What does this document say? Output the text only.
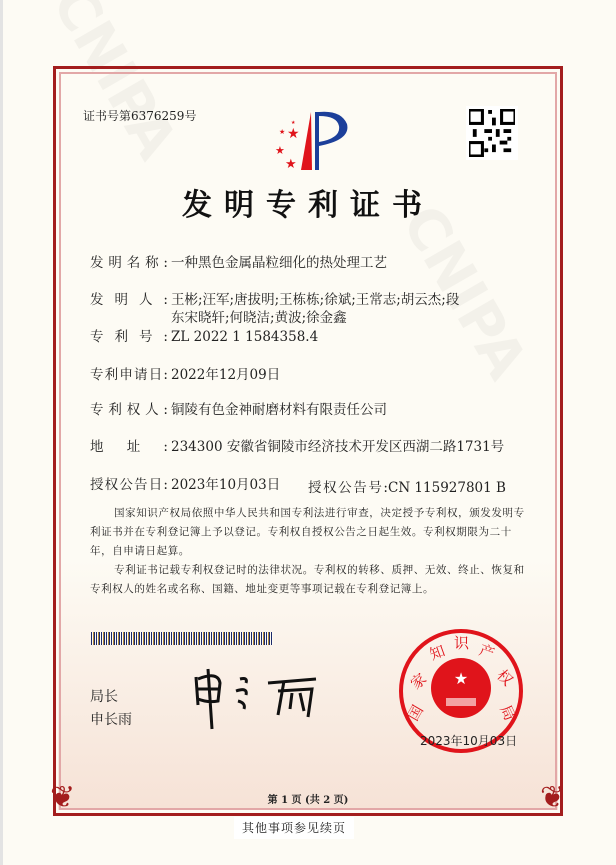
❦	❦
证书号第6376259号
★
★
★
★
★
发明专利证书
发明名称: 一种黑色金属晶粒细化的热处理工艺
发明人: 王彬;汪军;唐拔明;王栋栋;徐斌;王常志;胡云杰;段东宋晓轩;何晓洁;黄波;徐金鑫
专利号: ZL 2022 1 1584358.4
专利申请日: 2022年12月09日
专利权人: 铜陵有色金神耐磨材料有限责任公司
地址: 234300 安徽省铜陵市经济技术开发区西湖二路1731号
授权公告日: 2023年10月03日	授权公告号:CN 115927801 B
国家知识产权局依照中华人民共和国专利法进行审查，决定授予专利权，颁发发明专利证书并在专利登记簿上予以登记。专利权自授权公告之日起生效。专利权期限为二十年，自申请日起算。
专利证书记载专利权登记时的法律状况。专利权的转移、质押、无效、终止、恢复和专利权人的姓名或名称、国籍、地址变更等事项记载在专利登记簿上。
局长
申长雨
★
国
家
知 识 产
权
局
2023年10月03日
第 1 页 (共 2 页)
其他事项参见续页
